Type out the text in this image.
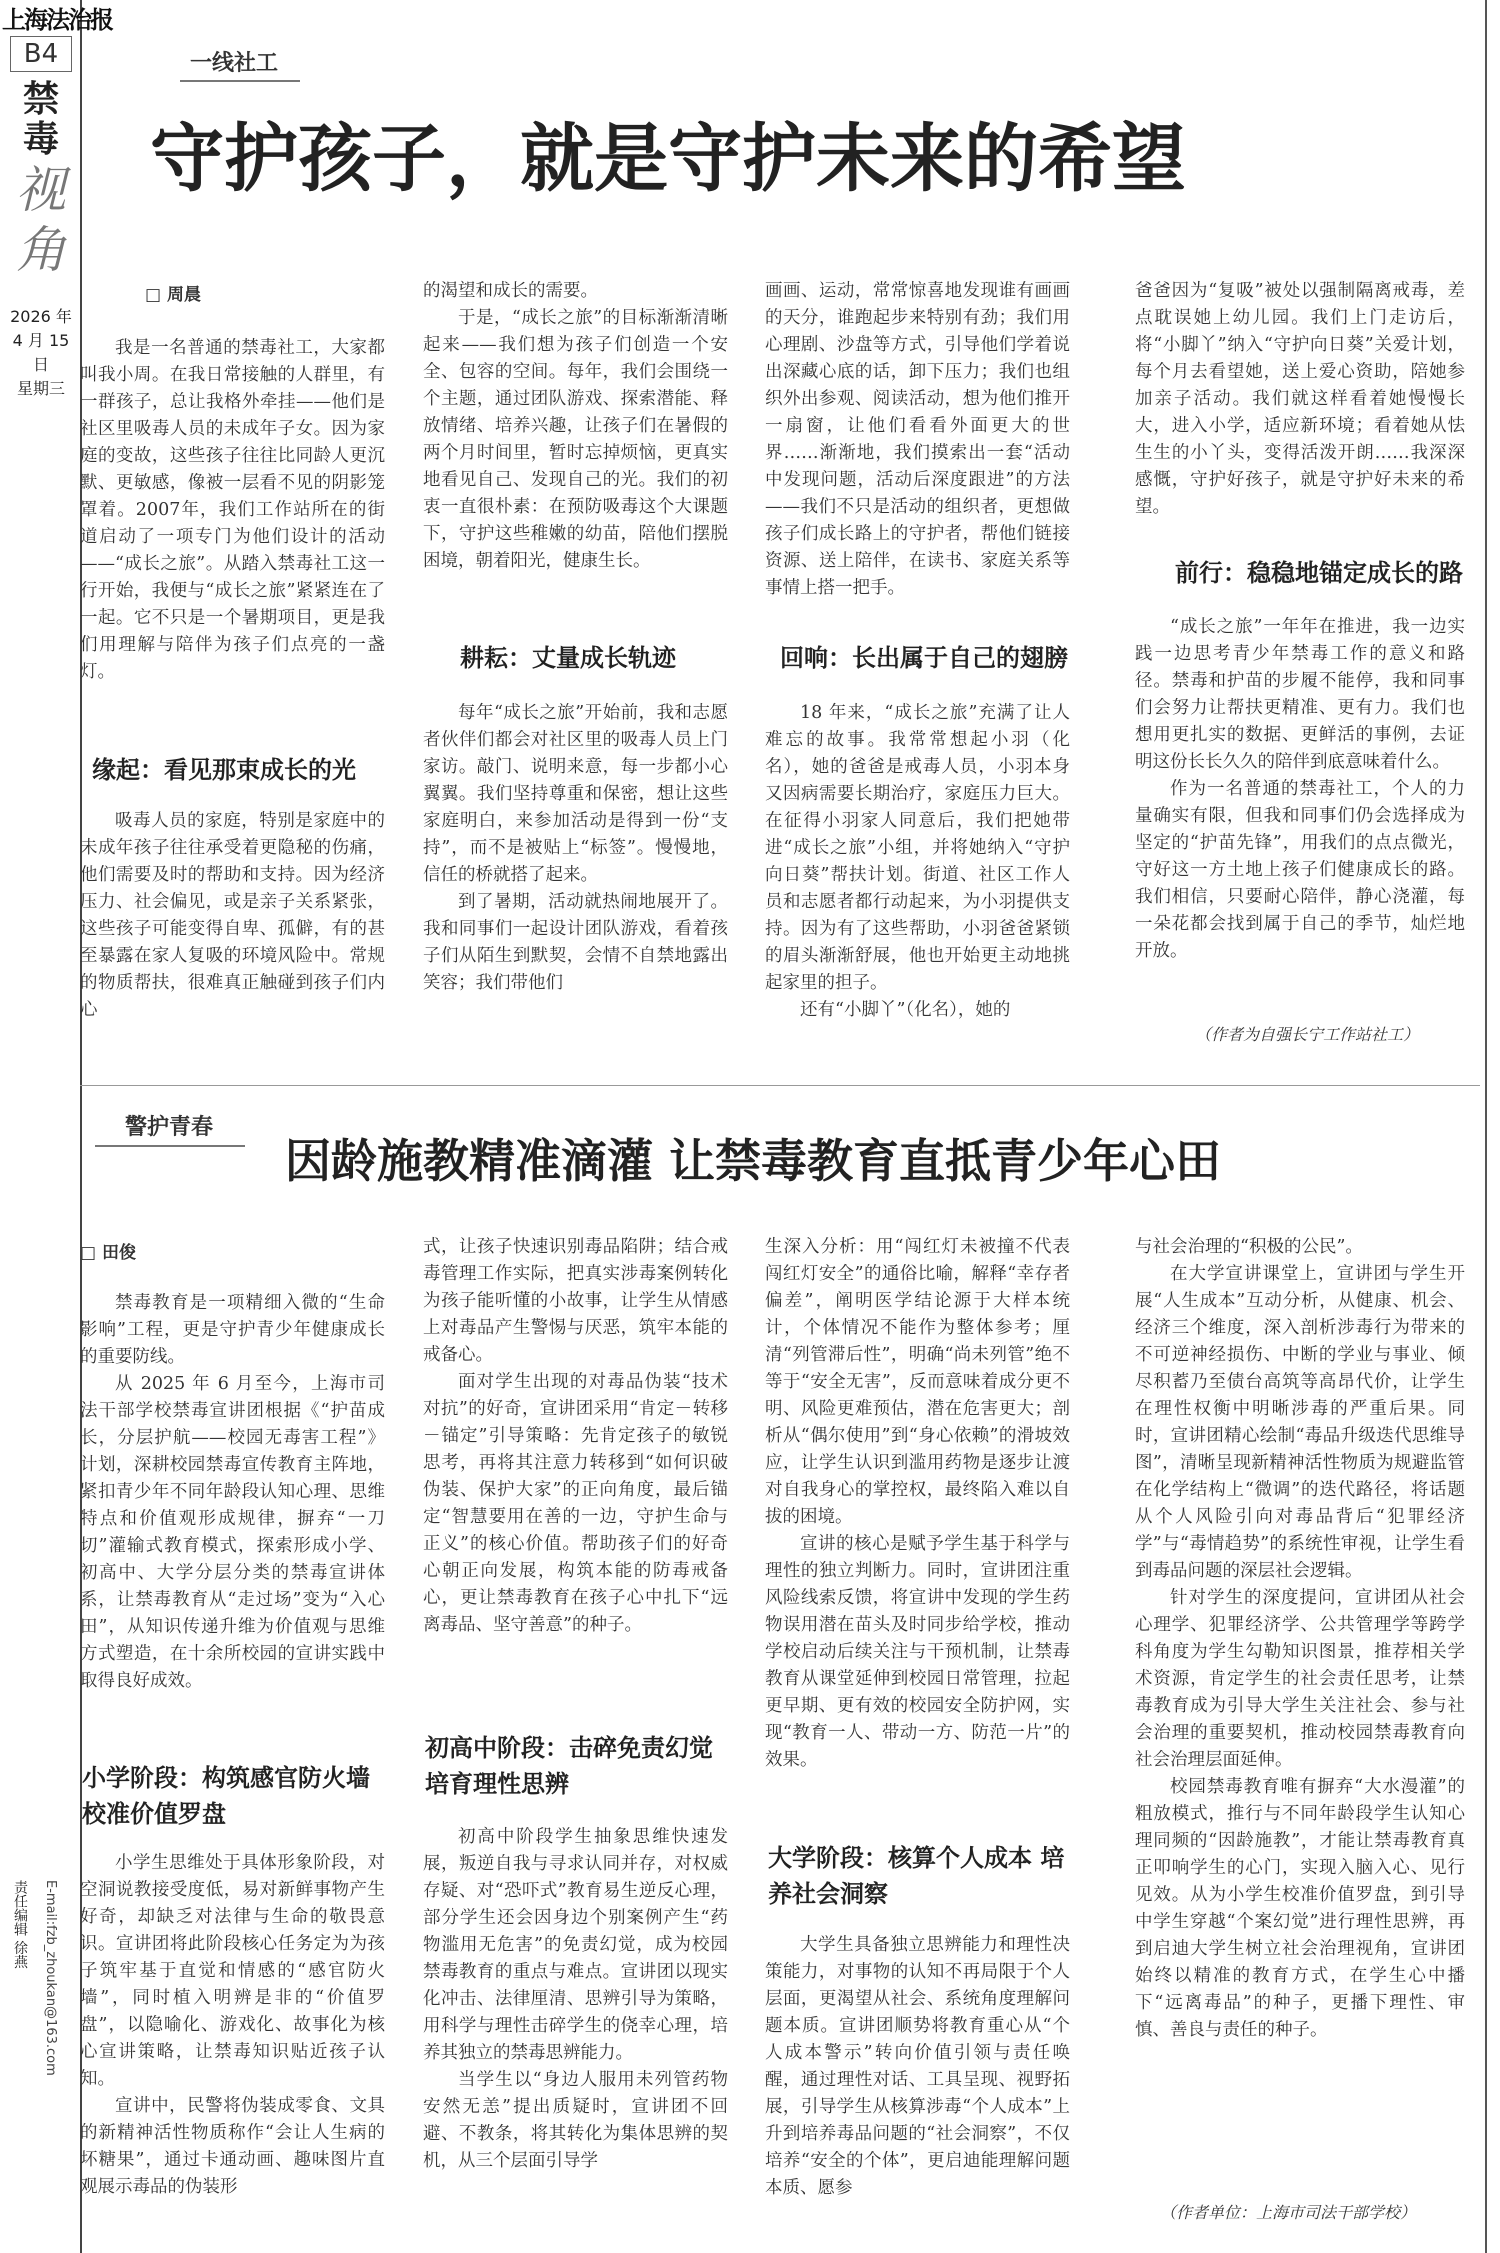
上海法治报
B4
禁毒
视角
2026 年
4 月 15 日
星期三
责任编辑 徐燕	E-mail:fzb_zhoukan@163.com
一线社工
守护孩子，就是守护未来的希望
□ 周晨

我是一名普通的禁毒社工，大家都叫我小周。在我日常接触的人群里，有一群孩子，总让我格外牵挂——他们是社区里吸毒人员的未成年子女。因为家庭的变故，这些孩子往往比同龄人更沉默、更敏感，像被一层看不见的阴影笼罩着。2007年，我们工作站所在的街道启动了一项专门为他们设计的活动——“成长之旅”。从踏入禁毒社工这一行开始，我便与“成长之旅”紧紧连在了一起。它不只是一个暑期项目，更是我们用理解与陪伴为孩子们点亮的一盏灯。

缘起：看见那束成长的光

吸毒人员的家庭，特别是家庭中的未成年孩子往往承受着更隐秘的伤痛，他们需要及时的帮助和支持。因为经济压力、社会偏见，或是亲子关系紧张，这些孩子可能变得自卑、孤僻，有的甚至暴露在家人复吸的环境风险中。常规的物质帮扶，很难真正触碰到孩子们内心

的渴望和成长的需要。

于是，“成长之旅”的目标渐渐清晰起来——我们想为孩子们创造一个安全、包容的空间。每年，我们会围绕一个主题，通过团队游戏、探索潜能、释放情绪、培养兴趣，让孩子们在暑假的两个月时间里，暂时忘掉烦恼，更真实地看见自己、发现自己的光。我们的初衷一直很朴素：在预防吸毒这个大课题下，守护这些稚嫩的幼苗，陪他们摆脱困境，朝着阳光，健康生长。

耕耘：丈量成长轨迹

每年“成长之旅”开始前，我和志愿者伙伴们都会对社区里的吸毒人员上门家访。敲门、说明来意，每一步都小心翼翼。我们坚持尊重和保密，想让这些家庭明白，来参加活动是得到一份“支持”，而不是被贴上“标签”。慢慢地，信任的桥就搭了起来。

到了暑期，活动就热闹地展开了。我和同事们一起设计团队游戏，看着孩子们从陌生到默契，会情不自禁地露出笑容；我们带他们

画画、运动，常常惊喜地发现谁有画画的天分，谁跑起步来特别有劲；我们用心理剧、沙盘等方式，引导他们学着说出深藏心底的话，卸下压力；我们也组织外出参观、阅读活动，想为他们推开一扇窗，让他们看看外面更大的世界……渐渐地，我们摸索出一套“活动中发现问题，活动后深度跟进”的方法——我们不只是活动的组织者，更想做孩子们成长路上的守护者，帮他们链接资源、送上陪伴，在读书、家庭关系等事情上搭一把手。

回响：长出属于自己的翅膀

18 年来，“成长之旅”充满了让人难忘的故事。我常常想起小羽（化名），她的爸爸是戒毒人员，小羽本身又因病需要长期治疗，家庭压力巨大。在征得小羽家人同意后，我们把她带进“成长之旅”小组，并将她纳入“守护向日葵”帮扶计划。街道、社区工作人员和志愿者都行动起来，为小羽提供支持。因为有了这些帮助，小羽爸爸紧锁的眉头渐渐舒展，他也开始更主动地挑起家里的担子。

还有“小脚丫”（化名），她的

爸爸因为“复吸”被处以强制隔离戒毒，差点耽误她上幼儿园。我们上门走访后，将“小脚丫”纳入“守护向日葵”关爱计划，每个月去看望她，送上爱心资助，陪她参加亲子活动。我们就这样看着她慢慢长大，进入小学，适应新环境；看着她从怯生生的小丫头，变得活泼开朗……我深深感慨，守护好孩子，就是守护好未来的希望。

前行：稳稳地锚定成长的路

“成长之旅”一年年在推进，我一边实践一边思考青少年禁毒工作的意义和路径。禁毒和护苗的步履不能停，我和同事们会努力让帮扶更精准、更有力。我们也想用更扎实的数据、更鲜活的事例，去证明这份长长久久的陪伴到底意味着什么。

作为一名普通的禁毒社工，个人的力量确实有限，但我和同事们仍会选择成为坚定的“护苗先锋”，用我们的点点微光，守好这一方土地上孩子们健康成长的路。我们相信，只要耐心陪伴，静心浇灌，每一朵花都会找到属于自己的季节，灿烂地开放。

（作者为自强长宁工作站社工）
警护青春
因龄施教精准滴灌 让禁毒教育直抵青少年心田
□ 田俊

禁毒教育是一项精细入微的“生命影响”工程，更是守护青少年健康成长的重要防线。

从 2025 年 6 月至今，上海市司法干部学校禁毒宣讲团根据《“护苗成长，分层护航——校园无毒害工程”》计划，深耕校园禁毒宣传教育主阵地，紧扣青少年不同年龄段认知心理、思维特点和价值观形成规律，摒弃“一刀切”灌输式教育模式，探索形成小学、初高中、大学分层分类的禁毒宣讲体系，让禁毒教育从“走过场”变为“入心田”，从知识传递升维为价值观与思维方式塑造，在十余所校园的宣讲实践中取得良好成效。

小学阶段：构筑感官防火墙 校准价值罗盘

小学生思维处于具体形象阶段，对空洞说教接受度低，易对新鲜事物产生好奇，却缺乏对法律与生命的敬畏意识。宣讲团将此阶段核心任务定为为孩子筑牢基于直觉和情感的“感官防火墙”，同时植入明辨是非的“价值罗盘”，以隐喻化、游戏化、故事化为核心宣讲策略，让禁毒知识贴近孩子认知。

宣讲中，民警将伪装成零食、文具的新精神活性物质称作“会让人生病的坏糖果”，通过卡通动画、趣味图片直观展示毒品的伪装形

式，让孩子快速识别毒品陷阱；结合戒毒管理工作实际，把真实涉毒案例转化为孩子能听懂的小故事，让学生从情感上对毒品产生警惕与厌恶，筑牢本能的戒备心。

面对学生出现的对毒品伪装“技术对抗”的好奇，宣讲团采用“肯定－转移－锚定”引导策略：先肯定孩子的敏锐思考，再将其注意力转移到“如何识破伪装、保护大家”的正向角度，最后锚定“智慧要用在善的一边，守护生命与正义”的核心价值。帮助孩子们的好奇心朝正向发展，构筑本能的防毒戒备心，更让禁毒教育在孩子心中扎下“远离毒品、坚守善意”的种子。

初高中阶段：击碎免责幻觉 培育理性思辨

初高中阶段学生抽象思维快速发展，叛逆自我与寻求认同并存，对权威存疑、对“恐吓式”教育易生逆反心理，部分学生还会因身边个别案例产生“药物滥用无危害”的免责幻觉，成为校园禁毒教育的重点与难点。宣讲团以现实化冲击、法律厘清、思辨引导为策略，用科学与理性击碎学生的侥幸心理，培养其独立的禁毒思辨能力。

当学生以“身边人服用未列管药物安然无恙”提出质疑时，宣讲团不回避、不教条，将其转化为集体思辨的契机，从三个层面引导学

生深入分析：用“闯红灯未被撞不代表闯红灯安全”的通俗比喻，解释“幸存者偏差”，阐明医学结论源于大样本统计，个体情况不能作为整体参考；厘清“列管滞后性”，明确“尚未列管”绝不等于“安全无害”，反而意味着成分更不明、风险更难预估，潜在危害更大；剖析从“偶尔使用”到“身心依赖”的滑坡效应，让学生认识到滥用药物是逐步让渡对自我身心的掌控权，最终陷入难以自拔的困境。

宣讲的核心是赋予学生基于科学与理性的独立判断力。同时，宣讲团注重风险线索反馈，将宣讲中发现的学生药物误用潜在苗头及时同步给学校，推动学校启动后续关注与干预机制，让禁毒教育从课堂延伸到校园日常管理，拉起更早期、更有效的校园安全防护网，实现“教育一人、带动一方、防范一片”的效果。

大学阶段：核算个人成本 培养社会洞察

大学生具备独立思辨能力和理性决策能力，对事物的认知不再局限于个人层面，更渴望从社会、系统角度理解问题本质。宣讲团顺势将教育重心从“个人成本警示”转向价值引领与责任唤醒，通过理性对话、工具呈现、视野拓展，引导学生从核算涉毒“个人成本”上升到培养毒品问题的“社会洞察”，不仅培养“安全的个体”，更启迪能理解问题本质、愿参

与社会治理的“积极的公民”。

在大学宣讲课堂上，宣讲团与学生开展“人生成本”互动分析，从健康、机会、经济三个维度，深入剖析涉毒行为带来的不可逆神经损伤、中断的学业与事业、倾尽积蓄乃至债台高筑等高昂代价，让学生在理性权衡中明晰涉毒的严重后果。同时，宣讲团精心绘制“毒品升级迭代思维导图”，清晰呈现新精神活性物质为规避监管在化学结构上“微调”的迭代路径，将话题从个人风险引向对毒品背后“犯罪经济学”与“毒情趋势”的系统性审视，让学生看到毒品问题的深层社会逻辑。

针对学生的深度提问，宣讲团从社会心理学、犯罪经济学、公共管理学等跨学科角度为学生勾勒知识图景，推荐相关学术资源，肯定学生的社会责任思考，让禁毒教育成为引导大学生关注社会、参与社会治理的重要契机，推动校园禁毒教育向社会治理层面延伸。

校园禁毒教育唯有摒弃“大水漫灌”的粗放模式，推行与不同年龄段学生认知心理同频的“因龄施教”，才能让禁毒教育真正叩响学生的心门，实现入脑入心、见行见效。从为小学生校准价值罗盘，到引导中学生穿越“个案幻觉”进行理性思辨，再到启迪大学生树立社会治理视角，宣讲团始终以精准的教育方式，在学生心中播下“远离毒品”的种子，更播下理性、审慎、善良与责任的种子。

（作者单位：上海市司法干部学校）
